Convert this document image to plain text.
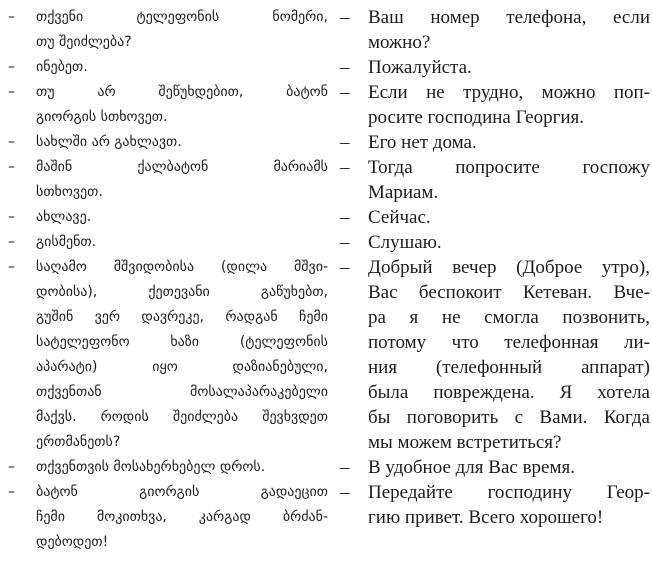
– თქვენი ტელეფონის ნომერი,
თუ შეიძლება?
– ინებეთ.
– თუ არ შეწუხდებით, ბატონ
გიორგის სთხოვეთ.
– სახლში არ გახლავთ.
– მაშინ ქალბატონ მარიამს
სთხოვეთ.
– ახლავე.
– გისმენთ.
– საღამო მშვიდობისა (დილა მშვი-
დობისა), ქეთევანი გაწუხებთ,
გუშინ ვერ დავრეკე, რადგან ჩემი
სატელეფონო ხაზი (ტელეფონის
აპარატი) იყო დაზიანებული,
თქვენთან მოსალაპარაკებელი
მაქვს. როდის შეიძლება შევხვდეთ
ერთმანეთს?
– თქვენთვის მოსახერხებელ დროს.
– ბატონ გიორგის გადაეცით
ჩემი მოკითხვა, კარგად ბრძან-
დებოდეთ!
– Ваш номер телефона, если
можно?
– Пожалуйста.
– Если не трудно, можно поп-
росите господина Георгия.
– Его нет дома.
– Тогда попросите госпожу
Мариам.
– Сейчас.
– Слушаю.
– Добрый вечер (Доброе утро),
Вас беспокоит Кетеван. Вче-
ра я не смогла позвонить,
потому что телефонная ли-
ния (телефонный аппарат)
была повреждена. Я хотела
бы поговорить с Вами. Когда
мы можем встретиться?
– В удобное для Вас время.
– Передайте господину Геор-
гию привет. Всего хорошего!
